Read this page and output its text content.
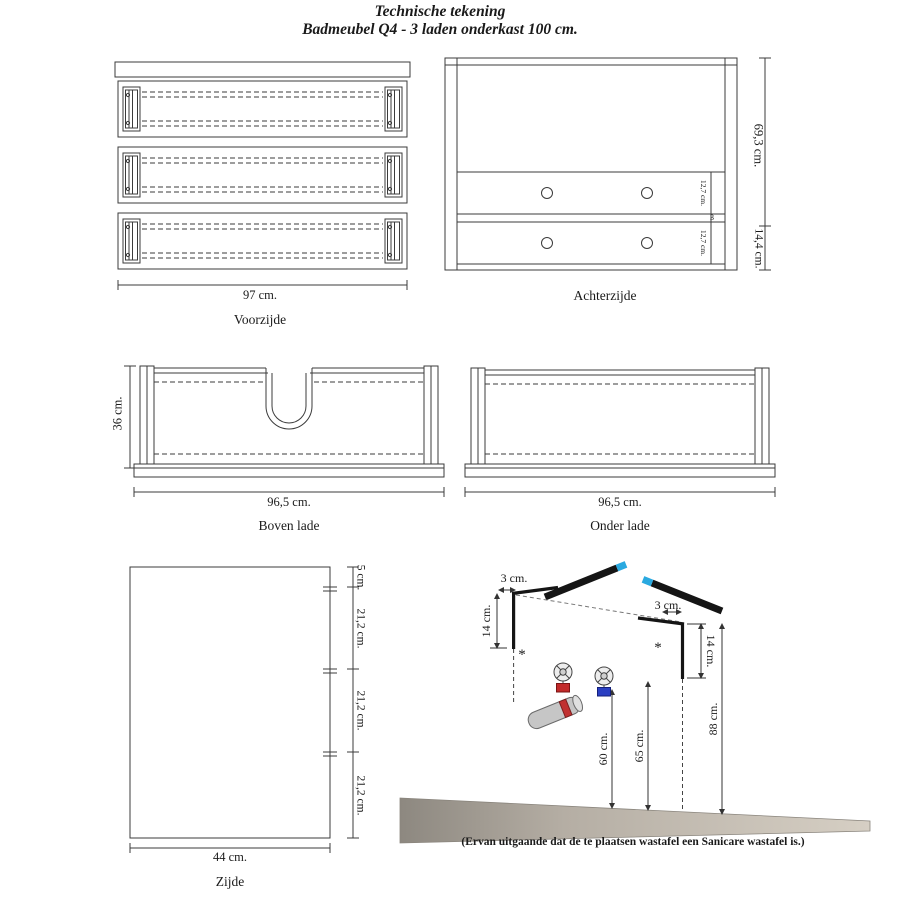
Technische tekening
Badmeubel Q4 - 3 laden onderkast 100 cm.
97 cm.
Voorzijde
Achterzijde
69,3 cm.
14,4 cm.
12,7 cm.
3
12,7 cm.
36 cm.
96,5 cm.
Boven lade
96,5 cm.
Onder lade
5 cm.
21,2 cm.
21,2 cm.
21,2 cm.
44 cm.
Zijde
3 cm.
14 cm.	3 cm.
14 cm.
60 cm. 65 cm.
88 cm.
*	*
(Ervan uitgaande dat de te plaatsen wastafel een Sanicare wastafel is.)
